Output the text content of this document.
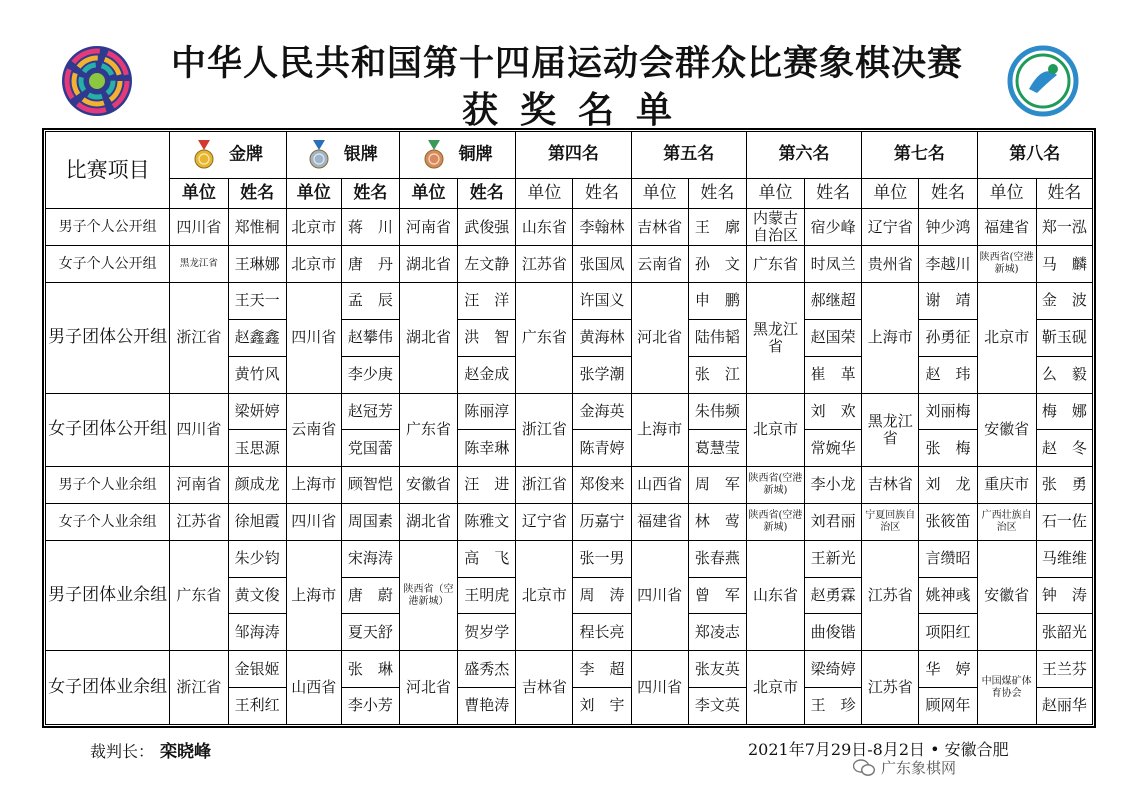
中华人民共和国第十四届运动会群众比赛象棋决赛
获奖名单
比赛项目	金牌		银牌		铜牌		第四名		第五名		第六名		第七名		第八名	
	单位	姓名	单位	姓名	单位	姓名	单位	姓名	单位	姓名	单位	姓名	单位	姓名	单位	姓名
男子个人公开组	四川省	郑惟桐	北京市	蒋　川	河南省	武俊强	山东省	李翰林	吉林省	王　廓	内蒙古自治区	宿少峰	辽宁省	钟少鸿	福建省	郑一泓
女子个人公开组	黑龙江省	王琳娜	北京市	唐　丹	湖北省	左文静	江苏省	张国凤	云南省	孙　文	广东省	时凤兰	贵州省	李越川	陕西省(空港新城)	马　麟
男子团体公开组	浙江省	王天一	四川省	孟　辰	湖北省	汪　洋	广东省	许国义	河北省	申　鹏	黑龙江省	郝继超	上海市	谢　靖	北京市	金　波
		赵鑫鑫		赵攀伟		洪　智		黄海林		陆伟韬		赵国荣		孙勇征		靳玉砚
		黄竹风		李少庚		赵金成		张学潮		张　江		崔　革		赵　玮		么　毅
女子团体公开组	四川省	梁妍婷	云南省	赵冠芳	广东省	陈丽淳	浙江省	金海英	上海市	朱伟频	北京市	刘　欢	黑龙江省	刘丽梅	安徽省	梅　娜
		玉思源		党国蕾		陈幸琳		陈青婷		葛慧莹		常婉华		张　梅		赵　冬
男子个人业余组	河南省	颜成龙	上海市	顾智恺	安徽省	汪　进	浙江省	郑俊来	山西省	周　军	陕西省(空港新城)	李小龙	吉林省	刘　龙	重庆市	张　勇
女子个人业余组	江苏省	徐旭霞	四川省	周国素	湖北省	陈雅文	辽宁省	历嘉宁	福建省	林　莺	陕西省(空港新城)	刘君丽	宁夏回族自治区	张筱笛	广西壮族自治区	石一佐
男子团体业余组	广东省	朱少钧	上海市	宋海涛	陕西省（空港新城）	高　飞	北京市	张一男	四川省	张春燕	山东省	王新光	江苏省	言缵昭	安徽省	马维维
		黄文俊		唐　蔚		王明虎		周　涛		曾　军		赵勇霖		姚神彧		钟　涛
		邹海涛		夏天舒		贺岁学		程长亮		郑凌志		曲俊锴		项阳红		张韶光
女子团体业余组	浙江省	金银姬	山西省	张　琳	河北省	盛秀杰	吉林省	李　超	四川省	张友英	北京市	梁绮婷	江苏省	华　婷	中国煤矿体育协会	王兰芬
		王利红		李小芳		曹艳涛		刘　宇		李文英		王　珍		顾网年		赵丽华
裁判长： 栾晓峰	2021年7月29日-8月2日 • 安徽合肥
广东象棋网
